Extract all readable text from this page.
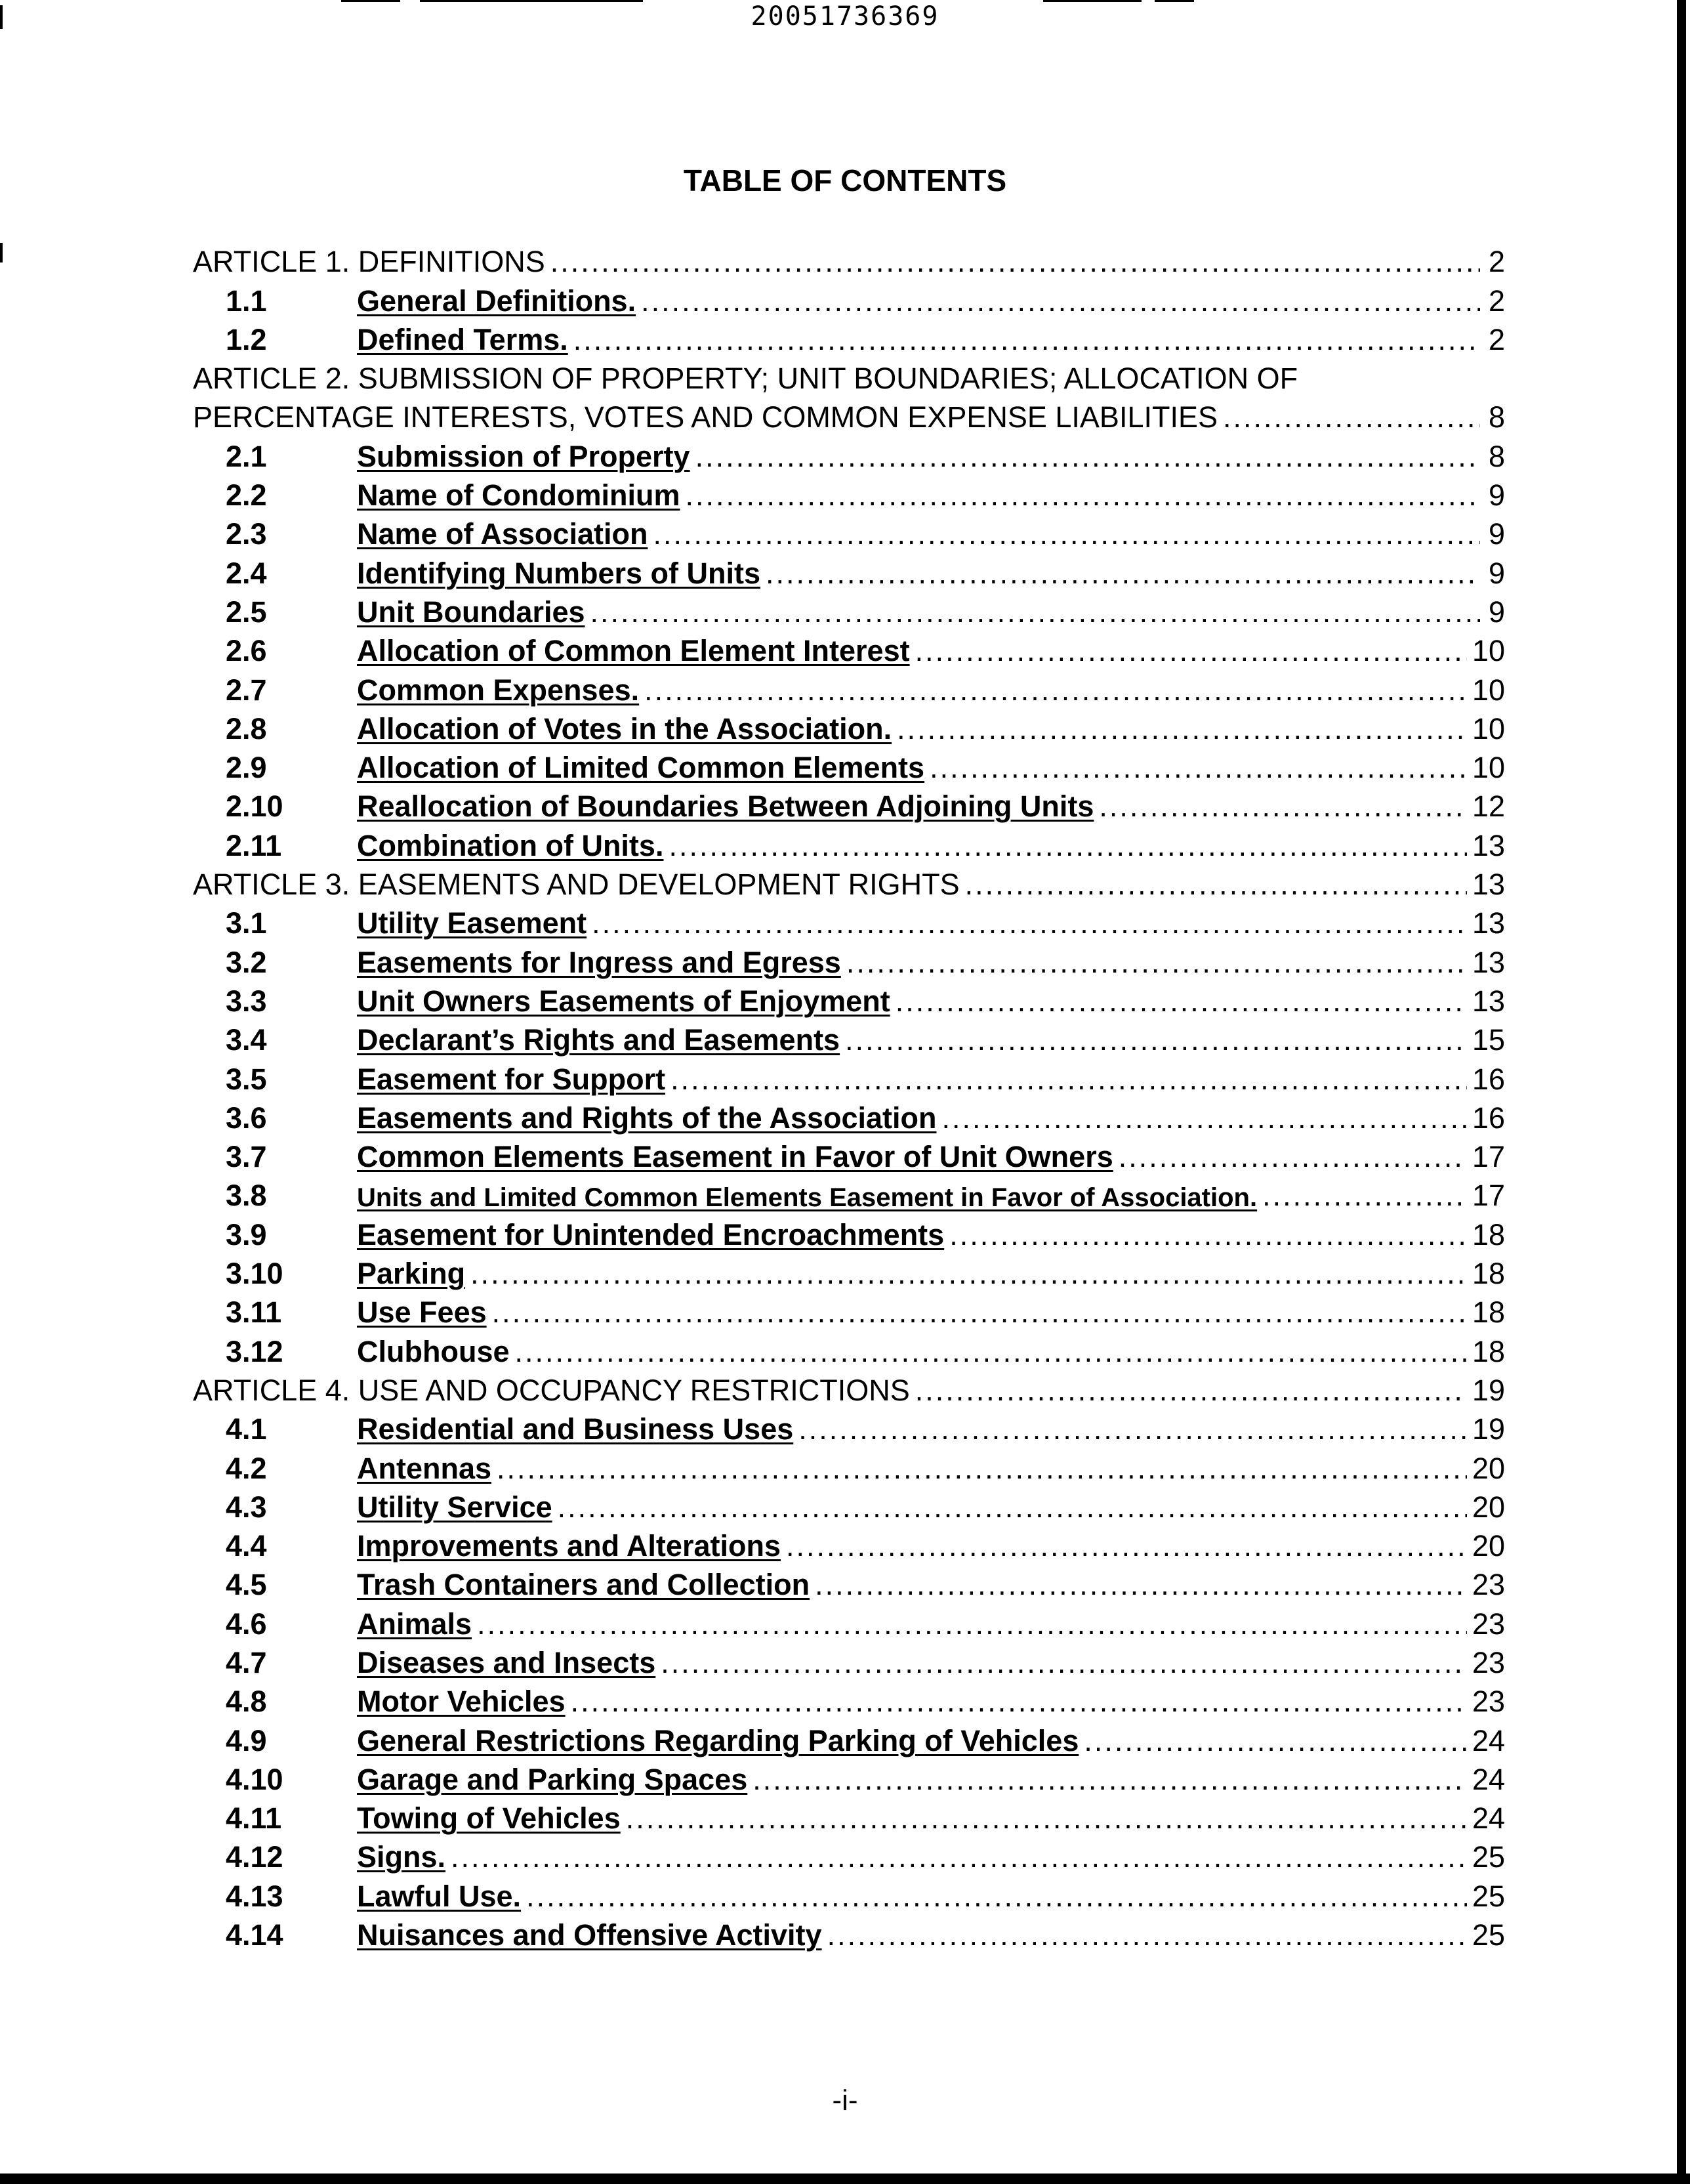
20051736369
TABLE OF CONTENTS
ARTICLE 1. DEFINITIONS .....	2
1.1	General Definitions. .....	2
1.2	Defined Terms. .....	2
ARTICLE 2. SUBMISSION OF PROPERTY; UNIT BOUNDARIES; ALLOCATION OF
PERCENTAGE INTERESTS, VOTES AND COMMON EXPENSE LIABILITIES .....	8
2.1	Submission of Property .....	8
2.2	Name of Condominium .....	9
2.3	Name of Association .....	9
2.4	Identifying Numbers of Units .....	9
2.5	Unit Boundaries .....	9
2.6	Allocation of Common Element Interest .....	10
2.7	Common Expenses. .....	10
2.8	Allocation of Votes in the Association. .....	10
2.9	Allocation of Limited Common Elements .....	10
2.10	Reallocation of Boundaries Between Adjoining Units .....	12
2.11	Combination of Units. .....	13
ARTICLE 3. EASEMENTS AND DEVELOPMENT RIGHTS .....	13
3.1	Utility Easement .....	13
3.2	Easements for Ingress and Egress .....	13
3.3	Unit Owners Easements of Enjoyment .....	13
3.4	Declarant’s Rights and Easements .....	15
3.5	Easement for Support .....	16
3.6	Easements and Rights of the Association .....	16
3.7	Common Elements Easement in Favor of Unit Owners .....	17
3.8	Units and Limited Common Elements Easement in Favor of Association. .....	17
3.9	Easement for Unintended Encroachments .....	18
3.10	Parking .....	18
3.11	Use Fees .....	18
3.12	Clubhouse .....	18
ARTICLE 4. USE AND OCCUPANCY RESTRICTIONS .....	19
4.1	Residential and Business Uses .....	19
4.2	Antennas .....	20
4.3	Utility Service .....	20
4.4	Improvements and Alterations .....	20
4.5	Trash Containers and Collection .....	23
4.6	Animals .....	23
4.7	Diseases and Insects .....	23
4.8	Motor Vehicles .....	23
4.9	General Restrictions Regarding Parking of Vehicles .....	24
4.10	Garage and Parking Spaces .....	24
4.11	Towing of Vehicles .....	24
4.12	Signs. .....	25
4.13	Lawful Use. .....	25
4.14	Nuisances and Offensive Activity .....	25
-i-
